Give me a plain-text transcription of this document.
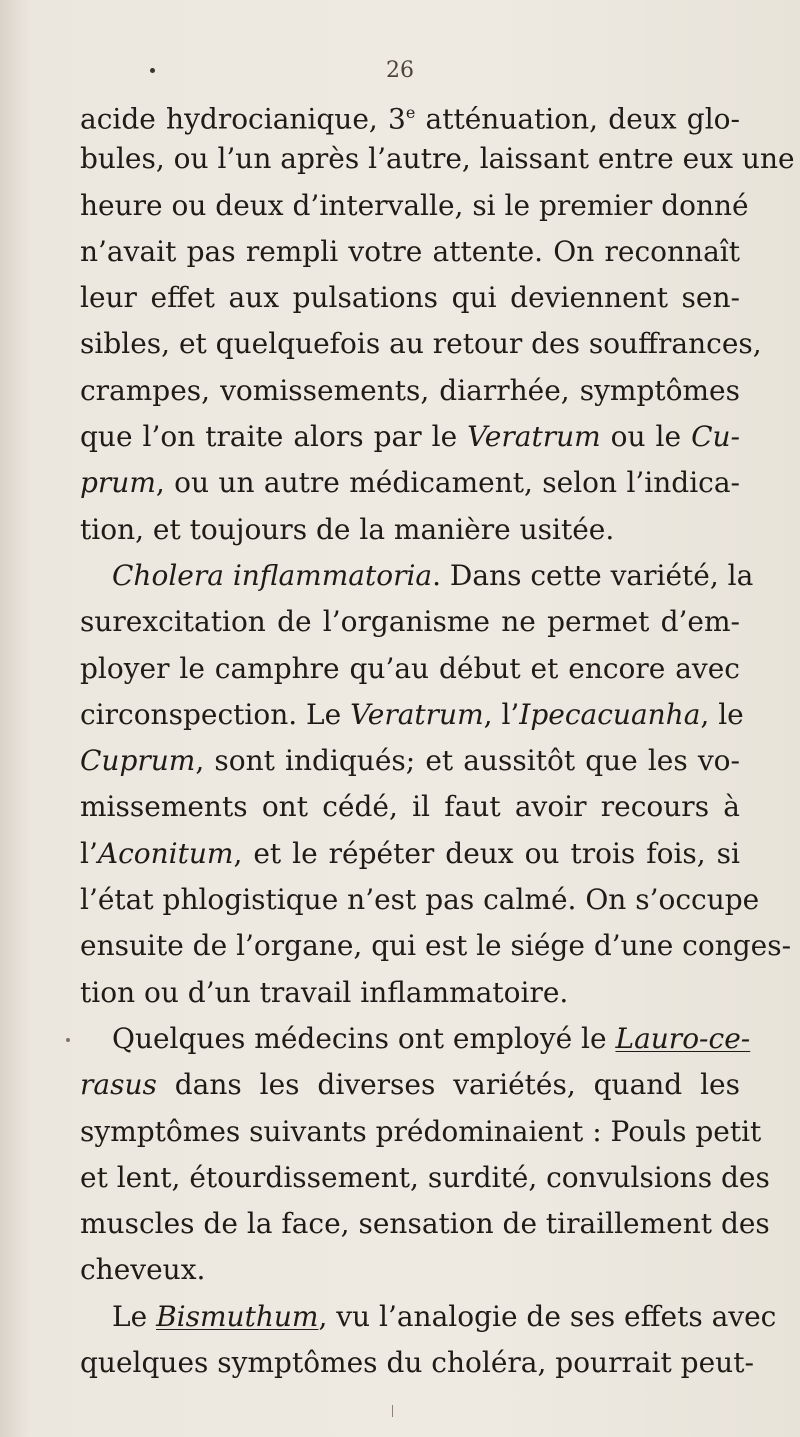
26
acide hydrocianique, 3e atténuation, deux glo-
bules, ou l’un après l’autre, laissant entre eux une
heure ou deux d’intervalle, si le premier donné
n’avait pas rempli votre attente. On reconnaît
leur effet aux pulsations qui deviennent sen-
sibles, et quelquefois au retour des souffrances,
crampes, vomissements, diarrhée, symptômes
que l’on traite alors par le Veratrum ou le Cu-
prum, ou un autre médicament, selon l’indica-
tion, et toujours de la manière usitée.
Cholera inflammatoria. Dans cette variété, la
surexcitation de l’organisme ne permet d’em-
ployer le camphre qu’au début et encore avec
circonspection. Le Veratrum, l’Ipecacuanha, le
Cuprum, sont indiqués; et aussitôt que les vo-
missements ont cédé, il faut avoir recours à
l’Aconitum, et le répéter deux ou trois fois, si
l’état phlogistique n’est pas calmé. On s’occupe
ensuite de l’organe, qui est le siége d’une conges-
tion ou d’un travail inflammatoire.
Quelques médecins ont employé le Lauro-ce-
rasus dans les diverses variétés, quand les
symptômes suivants prédominaient : Pouls petit
et lent, étourdissement, surdité, convulsions des
muscles de la face, sensation de tiraillement des
cheveux.
Le Bismuthum, vu l’analogie de ses effets avec
quelques symptômes du choléra, pourrait peut-
